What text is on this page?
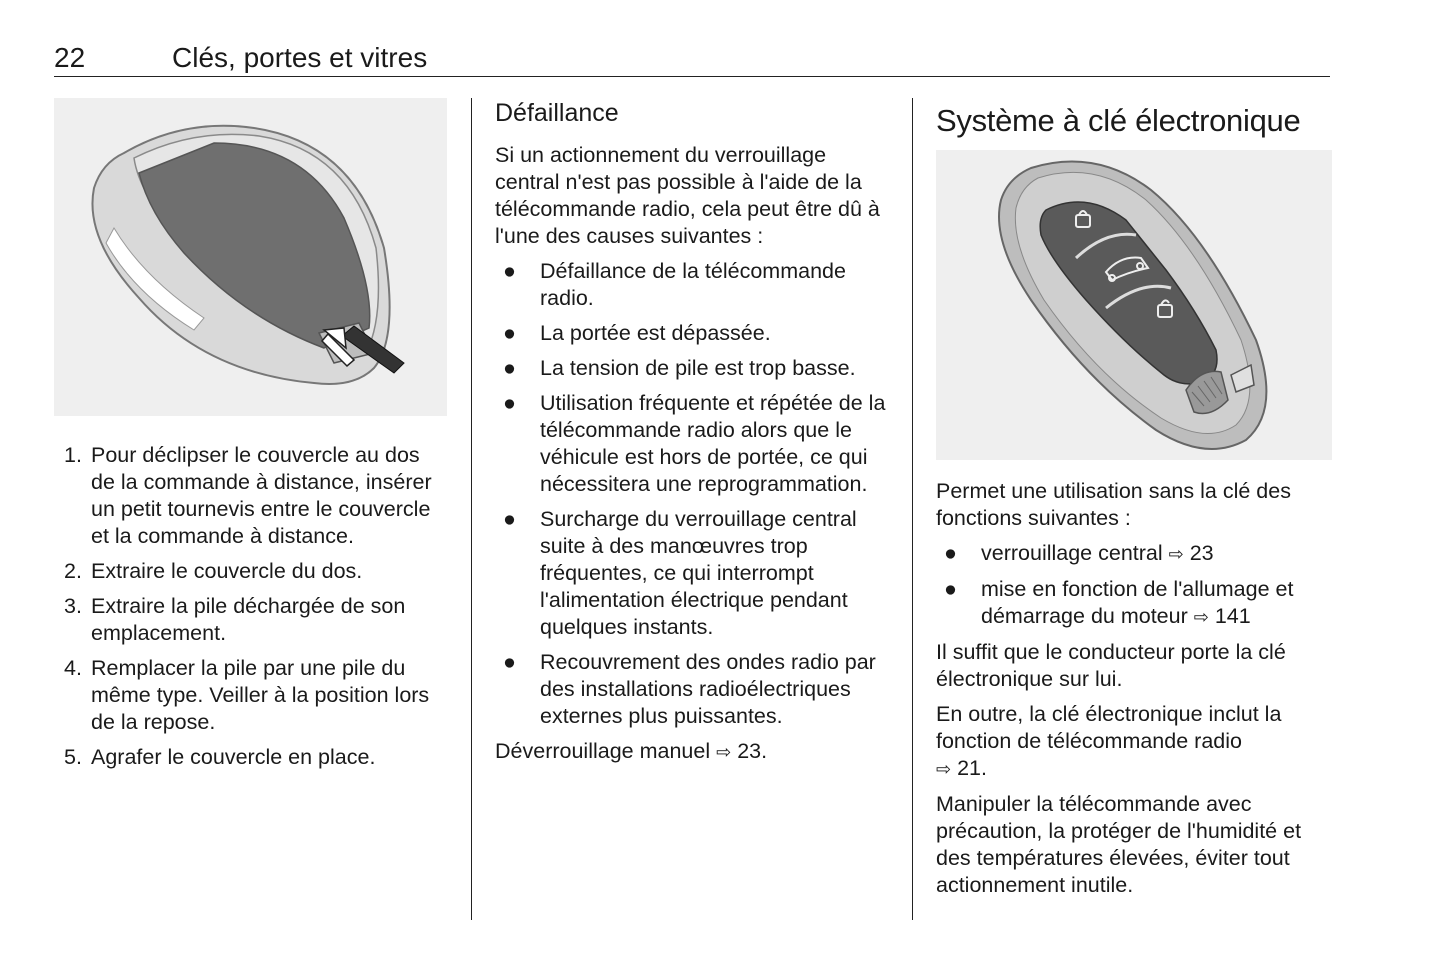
22	Clés, portes et vitres
1. Pour déclipser le couvercle au dos de la commande à distance, insérer un petit tournevis entre le couvercle et la commande à distance.
2. Extraire le couvercle du dos.
3. Extraire la pile déchargée de son emplacement.
4. Remplacer la pile par une pile du même type. Veiller à la position lors de la repose.
5. Agrafer le couvercle en place.
Défaillance

Si un actionnement du verrouillage central n'est pas possible à l'aide de la télécommande radio, cela peut être dû à l'une des causes suivantes :

● Défaillance de la télécommande radio.
● La portée est dépassée.
● La tension de pile est trop basse.
● Utilisation fréquente et répétée de la télécommande radio alors que le véhicule est hors de portée, ce qui nécessitera une reprogrammation.
● Surcharge du verrouillage central suite à des manœuvres trop fréquentes, ce qui interrompt l'alimentation électrique pendant quelques instants.
● Recouvrement des ondes radio par des installations radioélectriques externes plus puissantes.

Déverrouillage manuel ⇨ 23.

Système à clé électronique

Permet une utilisation sans la clé des fonctions suivantes :

● verrouillage central ⇨ 23
● mise en fonction de l'allumage et démarrage du moteur ⇨ 141

Il suffit que le conducteur porte la clé électronique sur lui.

En outre, la clé électronique inclut la fonction de télécommande radio
⇨ 21.

Manipuler la télécommande avec précaution, la protéger de l'humidité et des températures élevées, éviter tout actionnement inutile.
